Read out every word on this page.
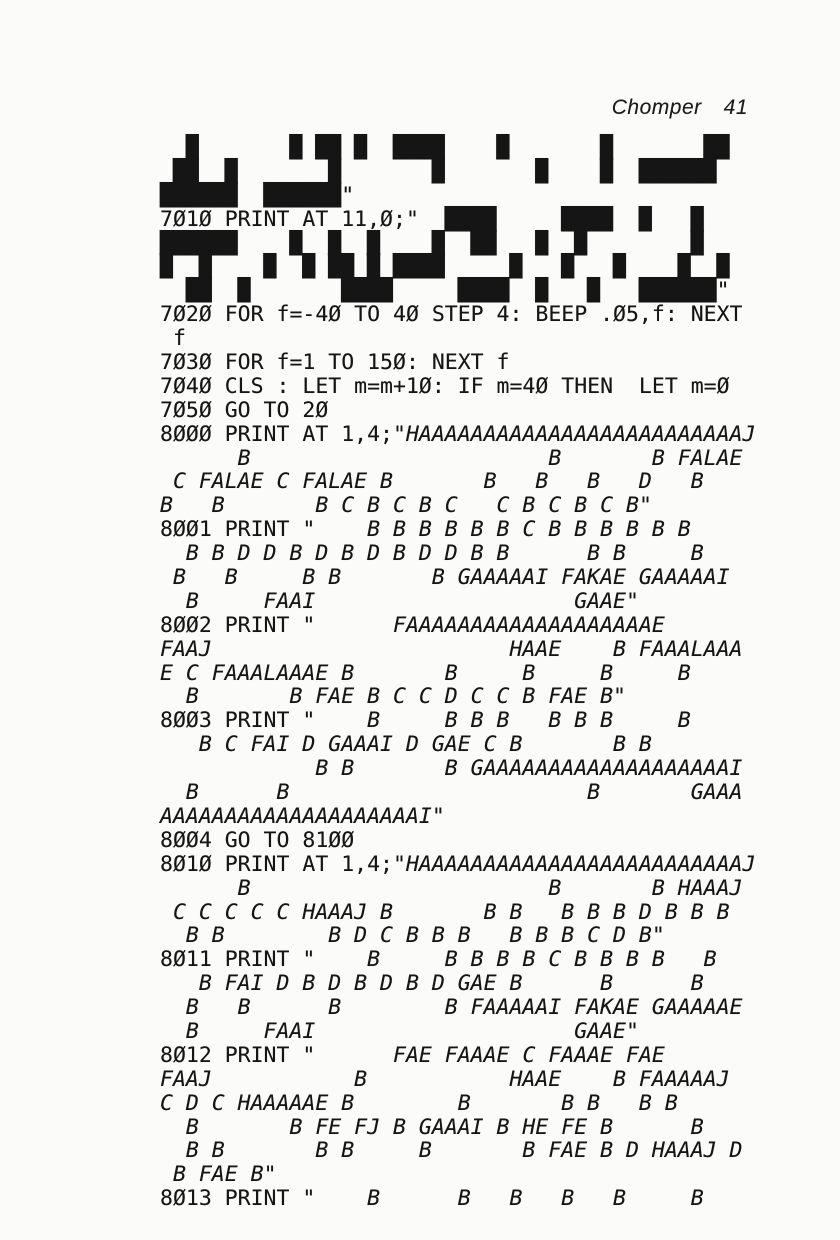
Chomper 41

█       █ ██ █  ████    █       █       ██
██  █       █       █       █    █  ██████
██████  ██████"
7Ø1Ø PRINT AT 11,Ø;"  ████     ████  █   █
██████    █  █  █    █  ██   █  █        █
█  █    █  █ ██ █ ████     █   █   █    █  █
██  █       ████     ████  █   █   ██████"
7Ø2Ø FOR f=-4Ø TO 4Ø STEP 4: BEEP .Ø5,f: NEXT
f
7Ø3Ø FOR f=1 TO 15Ø: NEXT f
7Ø4Ø CLS : LET m=m+1Ø: IF m=4Ø THEN  LET m=Ø
7Ø5Ø GO TO 2Ø
8ØØØ PRINT AT 1,4;"HAAAAAAAAAAAAAAAAAAAAAAAAAJ
B                       B       B FALAE
C FALAE C FALAE B       B   B   B   D   B
B   B       B C B C B C   C B C B C B"
8ØØ1 PRINT "    B B B B B B C B B B B B B
B B D D B D B D B D D B B      B B     B
B   B     B B       B GAAAAAI FAKAE GAAAAAI
B     FAAI                    GAAE"
8ØØ2 PRINT "      FAAAAAAAAAAAAAAAAAAAE
FAAJ                       HAAE    B FAAALAAA
E C FAAALAAAE B       B     B     B     B
B       B FAE B C C D C C B FAE B"
8ØØ3 PRINT "    B     B B B   B B B     B
B C FAI D GAAAI D GAE C B       B B
B B       B GAAAAAAAAAAAAAAAAAAAI
B      B                       B       GAAA
AAAAAAAAAAAAAAAAAAAAI"
8ØØ4 GO TO 81ØØ
8Ø1Ø PRINT AT 1,4;"HAAAAAAAAAAAAAAAAAAAAAAAAAJ
B                       B       B HAAAJ
C C C C C HAAAJ B       B B   B B B D B B B
B B        B D C B B B   B B B C D B"
8Ø11 PRINT "    B     B B B B C B B B B   B
B FAI D B D B D B D GAE B      B      B
B   B      B        B FAAAAAI FAKAE GAAAAAE
B     FAAI                    GAAE"
8Ø12 PRINT "      FAE FAAAE C FAAAE FAE
FAAJ           B           HAAE    B FAAAAAJ
C D C HAAAAAE B        B       B B   B B
B       B FE FJ B GAAAI B HE FE B      B
B B       B B     B       B FAE B D HAAAJ D
B FAE B"
8Ø13 PRINT "    B      B   B   B   B     B
